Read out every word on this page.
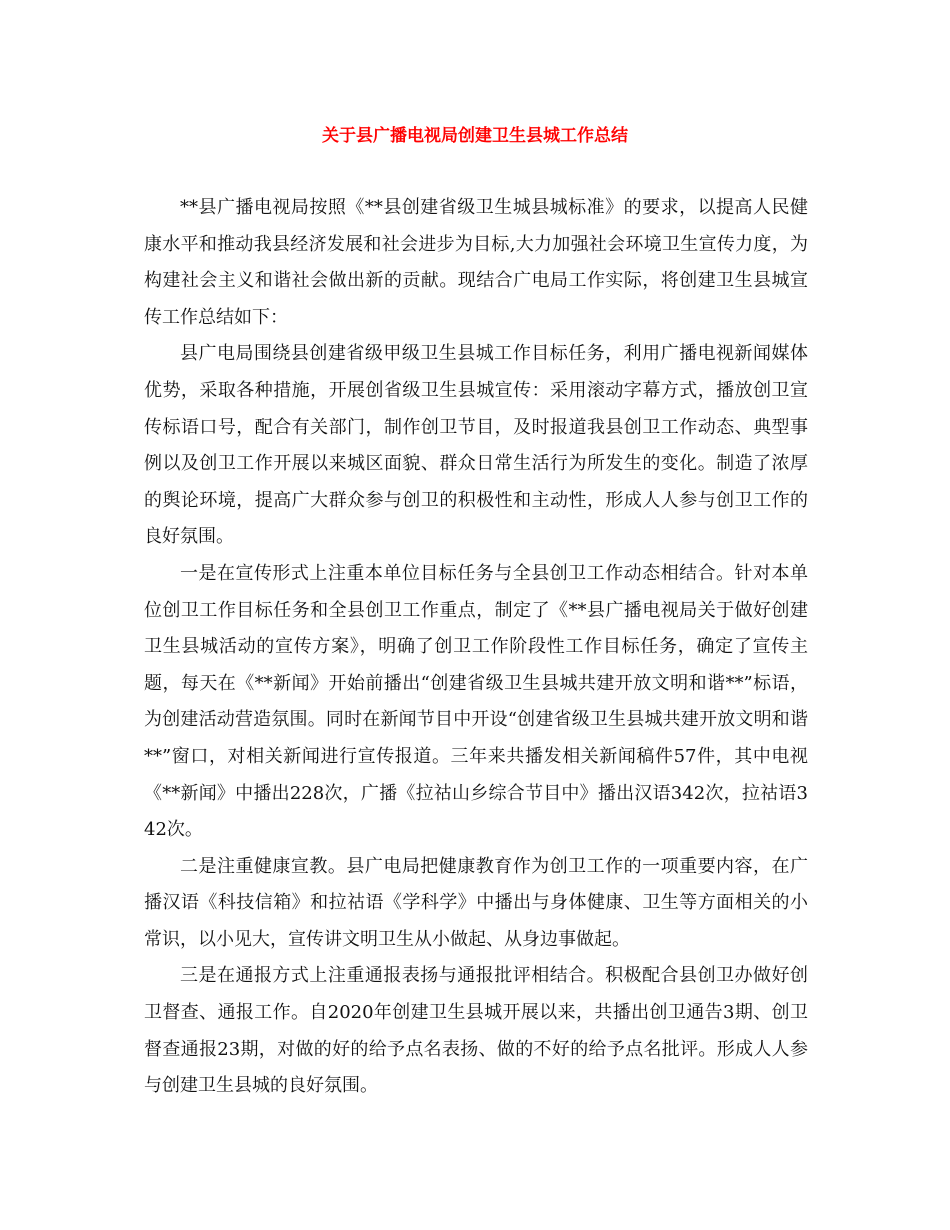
关于县广播电视局创建卫生县城工作总结

**县广播电视局按照《**县创建省级卫生城县城标准》的要求，以提高人民健康水平和推动我县经济发展和社会进步为目标,大力加强社会环境卫生宣传力度，为构建社会主义和谐社会做出新的贡献。现结合广电局工作实际，将创建卫生县城宣传工作总结如下：

县广电局围绕县创建省级甲级卫生县城工作目标任务，利用广播电视新闻媒体优势，采取各种措施，开展创省级卫生县城宣传：采用滚动字幕方式，播放创卫宣传标语口号，配合有关部门，制作创卫节目，及时报道我县创卫工作动态、典型事例以及创卫工作开展以来城区面貌、群众日常生活行为所发生的变化。制造了浓厚的舆论环境，提高广大群众参与创卫的积极性和主动性，形成人人参与创卫工作的良好氛围。

一是在宣传形式上注重本单位目标任务与全县创卫工作动态相结合。针对本单位创卫工作目标任务和全县创卫工作重点，制定了《**县广播电视局关于做好创建卫生县城活动的宣传方案》，明确了创卫工作阶段性工作目标任务，确定了宣传主题，每天在《**新闻》开始前播出“创建省级卫生县城共建开放文明和谐**”标语，为创建活动营造氛围。同时在新闻节目中开设“创建省级卫生县城共建开放文明和谐**”窗口，对相关新闻进行宣传报道。三年来共播发相关新闻稿件57件，其中电视《**新闻》中播出228次，广播《拉祜山乡综合节目中》播出汉语342次，拉祜语342次。

二是注重健康宣教。县广电局把健康教育作为创卫工作的一项重要内容，在广播汉语《科技信箱》和拉祜语《学科学》中播出与身体健康、卫生等方面相关的小常识，以小见大，宣传讲文明卫生从小做起、从身边事做起。

三是在通报方式上注重通报表扬与通报批评相结合。积极配合县创卫办做好创卫督查、通报工作。自2020年创建卫生县城开展以来，共播出创卫通告3期、创卫督查通报23期，对做的好的给予点名表扬、做的不好的给予点名批评。形成人人参与创建卫生县城的良好氛围。
